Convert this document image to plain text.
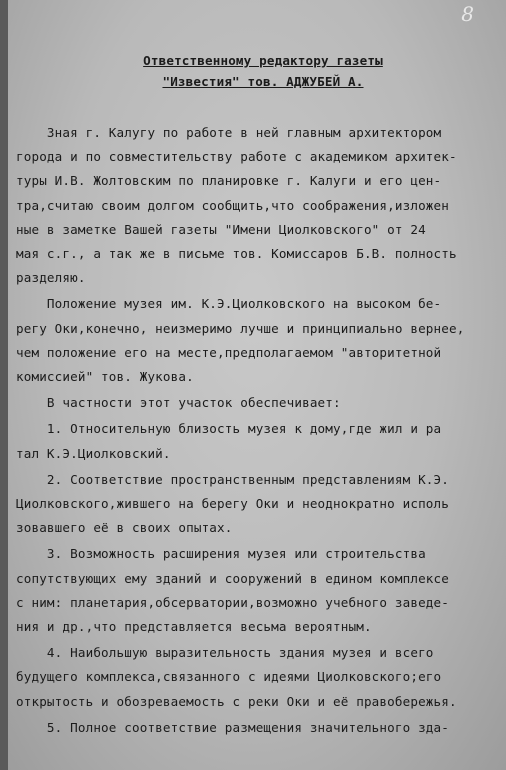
8
Ответственному редактору газеты
"Известия" тов. АДЖУБЕЙ А.
Зная г. Калугу по работе в ней главным архитектором
города и по совместительству работе с академиком архитек-
туры И.В. Жолтовским по планировке г. Калуги и его цен-
тра,считаю своим долгом сообщить,что соображения,изложен
ные в заметке Вашей газеты "Имени Циолковского" от 24
мая с.г., а так же в письме тов. Комиссаров Б.В. полность
разделяю.
Положение музея им. К.Э.Циолковского на высоком бе-
регу Оки,конечно, неизмеримо лучше и принципиально вернее,
чем положение его на месте,предполагаемом "авторитетной
комиссией" тов. Жукова.
В частности этот участок обеспечивает:
1. Относительную близость музея к дому,где жил и ра
тал К.Э.Циолковский.
2. Соответствие пространственным представлениям К.Э.
Циолковского,жившего на берегу Оки и неоднократно исполь
зовавшего её в своих опытах.
3. Возможность расширения музея или строительства
сопутствующих ему зданий и сооружений в едином комплексе
с ним: планетария,обсерватории,возможно учебного заведе-
ния и др.,что представляется весьма вероятным.
4. Наибольшую выразительность здания музея и всего
будущего комплекса,связанного с идеями Циолковского;его
открытость и обозреваемость с реки Оки и её правобережья.
5. Полное соответствие размещения значительного зда-
